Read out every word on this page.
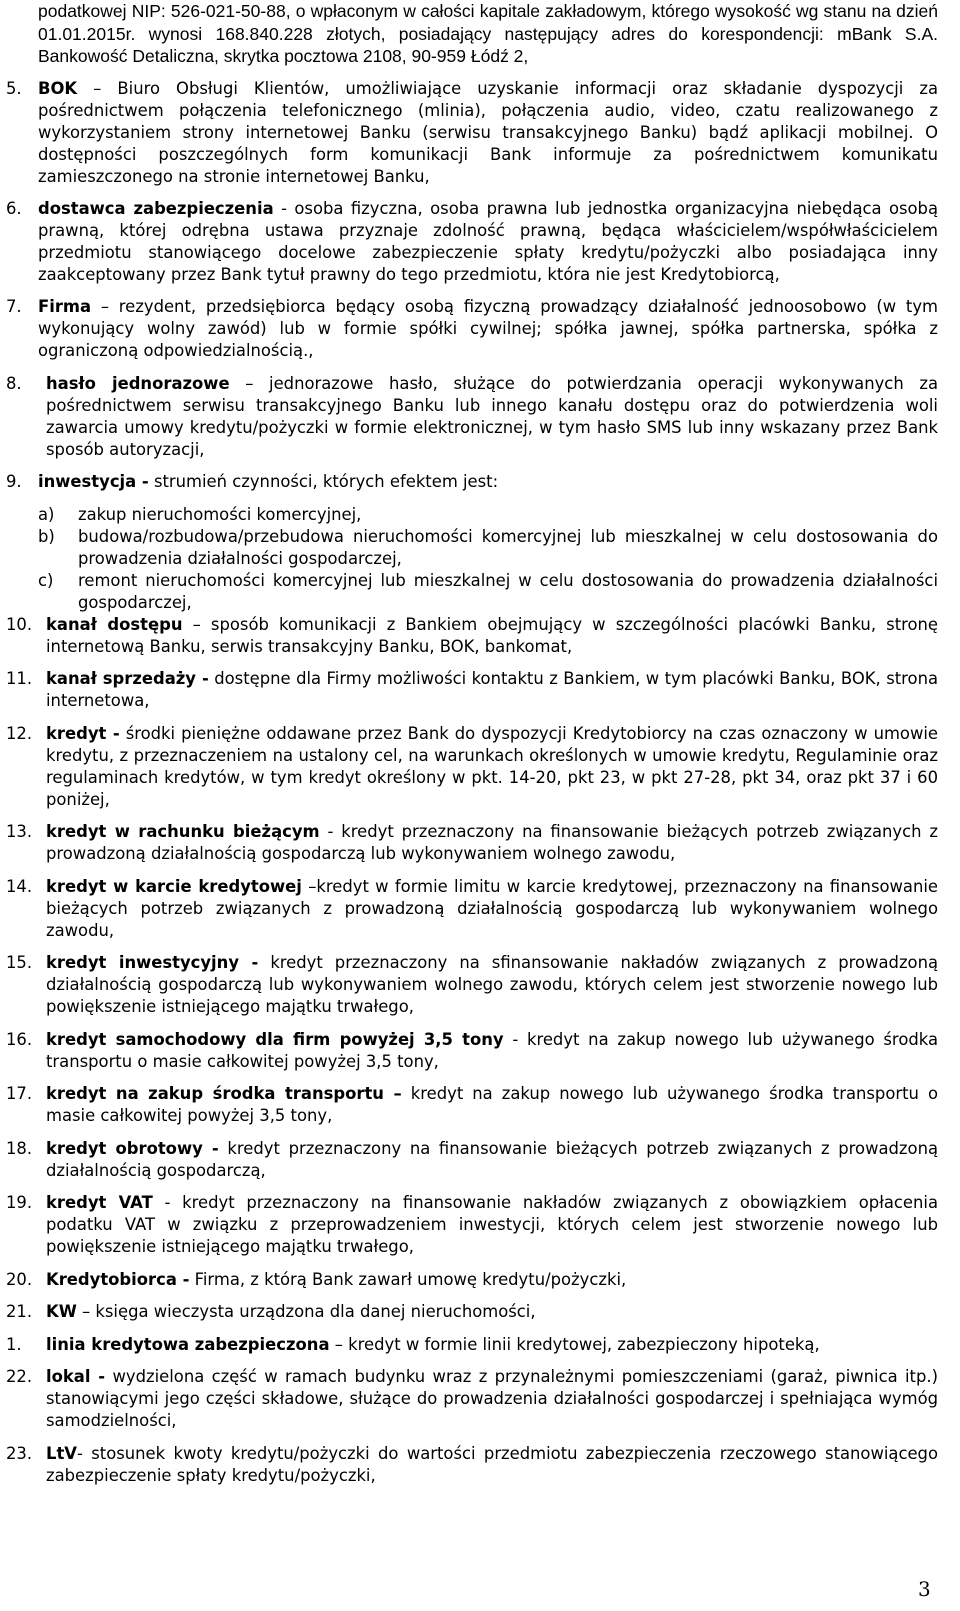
podatkowej NIP: 526-021-50-88, o wpłaconym w całości kapitale zakładowym, którego wysokość wg stanu na dzień 01.01.2015r. wynosi 168.840.228 złotych, posiadający następujący adres do korespondencji: mBank S.A. Bankowość Detaliczna, skrytka pocztowa 2108, 90-959 Łódź 2,
5. BOK – Biuro Obsługi Klientów, umożliwiające uzyskanie informacji oraz składanie dyspozycji za pośrednictwem połączenia telefonicznego (mlinia), połączenia audio, video, czatu realizowanego z wykorzystaniem strony internetowej Banku (serwisu transakcyjnego Banku) bądź aplikacji mobilnej. O dostępności poszczególnych form komunikacji Bank informuje za pośrednictwem komunikatu zamieszczonego na stronie internetowej Banku,
6. dostawca zabezpieczenia - osoba fizyczna, osoba prawna lub jednostka organizacyjna niebędąca osobą prawną, której odrębna ustawa przyznaje zdolność prawną, będąca właścicielem/współwłaścicielem przedmiotu stanowiącego docelowe zabezpieczenie spłaty kredytu/pożyczki albo posiadająca inny zaakceptowany przez Bank tytuł prawny do tego przedmiotu, która nie jest Kredytobiorcą,
7. Firma – rezydent, przedsiębiorca będący osobą fizyczną prowadzący działalność jednoosobowo (w tym wykonujący wolny zawód) lub w formie spółki cywilnej; spółka jawnej, spółka partnerska, spółka z ograniczoną odpowiedzialnością.,
8. hasło jednorazowe – jednorazowe hasło, służące do potwierdzania operacji wykonywanych za pośrednictwem serwisu transakcyjnego Banku lub innego kanału dostępu oraz do potwierdzenia woli zawarcia umowy kredytu/pożyczki w formie elektronicznej, w tym hasło SMS lub inny wskazany przez Bank sposób autoryzacji,
9. inwestycja - strumień czynności, których efektem jest:
a) zakup nieruchomości komercyjnej,
b) budowa/rozbudowa/przebudowa nieruchomości komercyjnej lub mieszkalnej w celu dostosowania do prowadzenia działalności gospodarczej,
c) remont nieruchomości komercyjnej lub mieszkalnej w celu dostosowania do prowadzenia działalności gospodarczej,
10. kanał dostępu – sposób komunikacji z Bankiem obejmujący w szczególności placówki Banku, stronę internetową Banku, serwis transakcyjny Banku, BOK, bankomat,
11. kanał sprzedaży - dostępne dla Firmy możliwości kontaktu z Bankiem, w tym placówki Banku, BOK, strona internetowa,
12. kredyt - środki pieniężne oddawane przez Bank do dyspozycji Kredytobiorcy na czas oznaczony w umowie kredytu, z przeznaczeniem na ustalony cel, na warunkach określonych w umowie kredytu, Regulaminie oraz regulaminach kredytów, w tym kredyt określony w pkt. 14-20, pkt 23, w pkt 27-28, pkt 34, oraz pkt 37 i 60 poniżej,
13. kredyt w rachunku bieżącym - kredyt przeznaczony na finansowanie bieżących potrzeb związanych z prowadzoną działalnością gospodarczą lub wykonywaniem wolnego zawodu,
14. kredyt w karcie kredytowej –kredyt w formie limitu w karcie kredytowej, przeznaczony na finansowanie bieżących potrzeb związanych z prowadzoną działalnością gospodarczą lub wykonywaniem wolnego zawodu,
15. kredyt inwestycyjny - kredyt przeznaczony na sfinansowanie nakładów związanych z prowadzoną działalnością gospodarczą lub wykonywaniem wolnego zawodu, których celem jest stworzenie nowego lub powiększenie istniejącego majątku trwałego,
16. kredyt samochodowy dla firm powyżej 3,5 tony - kredyt na zakup nowego lub używanego środka transportu o masie całkowitej powyżej 3,5 tony,
17. kredyt na zakup środka transportu – kredyt na zakup nowego lub używanego środka transportu o masie całkowitej powyżej 3,5 tony,
18. kredyt obrotowy - kredyt przeznaczony na finansowanie bieżących potrzeb związanych z prowadzoną działalnością gospodarczą,
19. kredyt VAT - kredyt przeznaczony na finansowanie nakładów związanych z obowiązkiem opłacenia podatku VAT w związku z przeprowadzeniem inwestycji, których celem jest stworzenie nowego lub powiększenie istniejącego majątku trwałego,
20. Kredytobiorca - Firma, z którą Bank zawarł umowę kredytu/pożyczki,
21. KW – księga wieczysta urządzona dla danej nieruchomości,
1. linia kredytowa zabezpieczona – kredyt w formie linii kredytowej, zabezpieczony hipoteką,
22. lokal - wydzielona część w ramach budynku wraz z przynależnymi pomieszczeniami (garaż, piwnica itp.) stanowiącymi jego części składowe, służące do prowadzenia działalności gospodarczej i spełniająca wymóg samodzielności,
23. LtV- stosunek kwoty kredytu/pożyczki do wartości przedmiotu zabezpieczenia rzeczowego stanowiącego zabezpieczenie spłaty kredytu/pożyczki,
3
